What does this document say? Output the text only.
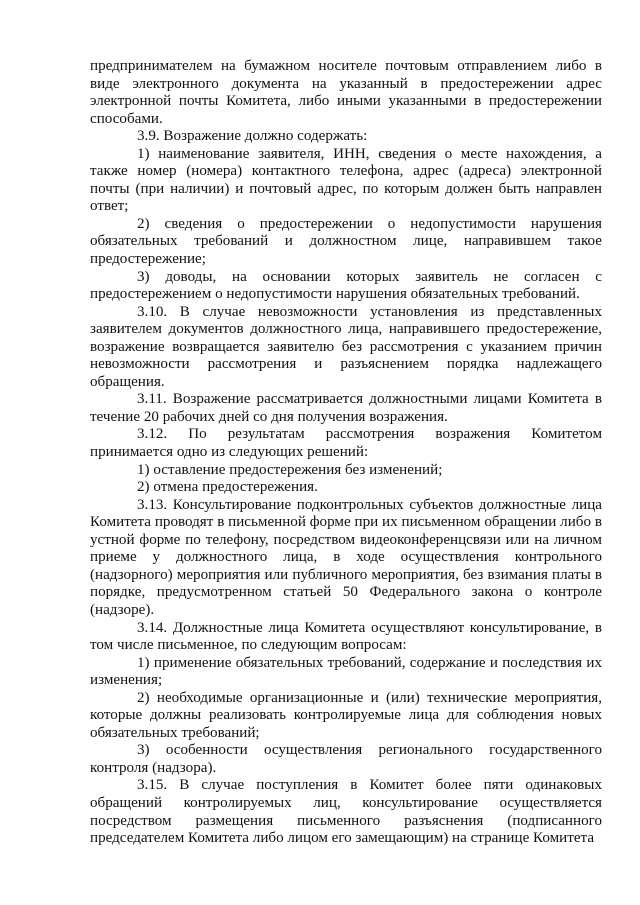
предпринимателем на бумажном носителе почтовым отправлением либо в виде электронного документа на указанный в предостережении адрес электронной почты Комитета, либо иными указанными в предостережении способами.

3.9. Возражение должно содержать:

1) наименование заявителя, ИНН, сведения о месте нахождения, а также номер (номера) контактного телефона, адрес (адреса) электронной почты (при наличии) и почтовый адрес, по которым должен быть направлен ответ;

2) сведения о предостережении о недопустимости нарушения обязательных требований и должностном лице, направившем такое предостережение;

3) доводы, на основании которых заявитель не согласен с предостережением о недопустимости нарушения обязательных требований.

3.10. В случае невозможности установления из представленных заявителем документов должностного лица, направившего предостережение, возражение возвращается заявителю без рассмотрения с указанием причин невозможности рассмотрения и разъяснением порядка надлежащего обращения.

3.11. Возражение рассматривается должностными лицами Комитета в течение 20 рабочих дней со дня получения возражения.

3.12. По результатам рассмотрения возражения Комитетом принимается одно из следующих решений:

1) оставление предостережения без изменений;

2) отмена предостережения.

3.13. Консультирование подконтрольных субъектов должностные лица Комитета проводят в письменной форме при их письменном обращении либо в устной форме по телефону, посредством видеоконференцсвязи или на личном приеме у должностного лица, в ходе осуществления контрольного (надзорного) мероприятия или публичного мероприятия, без взимания платы в порядке, предусмотренном статьей 50 Федерального закона о контроле (надзоре).

3.14. Должностные лица Комитета осуществляют консультирование, в том числе письменное, по следующим вопросам:

1) применение обязательных требований, содержание и последствия их изменения;

2) необходимые организационные и (или) технические мероприятия, которые должны реализовать контролируемые лица для соблюдения новых обязательных требований;

3) особенности осуществления регионального государственного контроля (надзора).

3.15. В случае поступления в Комитет более пяти одинаковых обращений контролируемых лиц, консультирование осуществляется посредством размещения письменного разъяснения (подписанного председателем Комитета либо лицом его замещающим) на странице Комитета
